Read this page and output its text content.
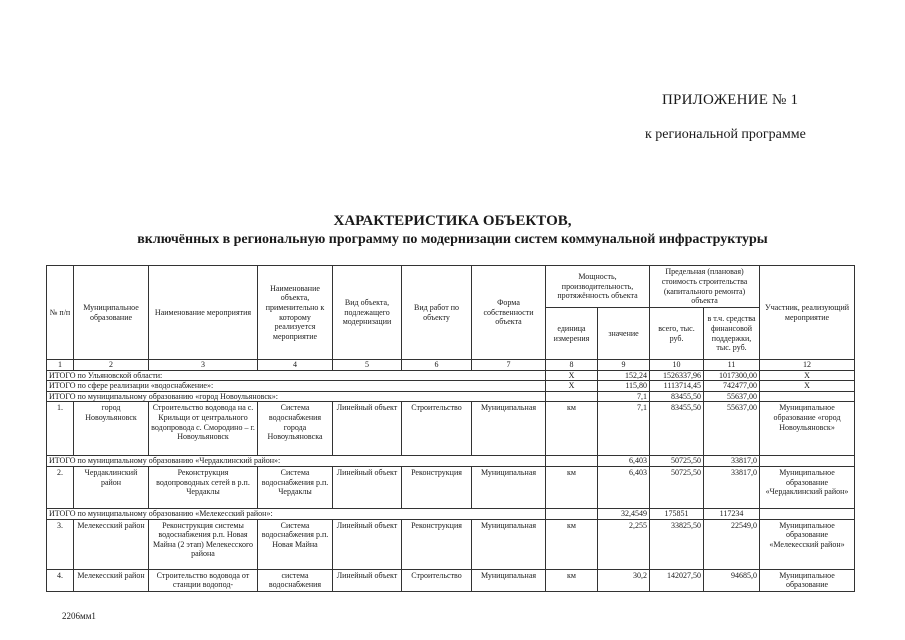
ПРИЛОЖЕНИЕ № 1
к региональной программе
ХАРАКТЕРИСТИКА ОБЪЕКТОВ,
включённых в региональную программу по модернизации систем коммунальной инфраструктуры
№ п/п	Муниципальное образование	Наименование мероприятия	Наименование объекта, применительно к которому реализуется мероприятие	Вид объекта, подлежащего модернизации	Вид работ по объекту	Форма собственности объекта	Мощность, производительность, протяжённость объекта		Предельная (плановая) стоимость строительства (капитального ремонта) объекта		Участник, реализующий мероприятие
							единица измерения	значение	всего, тыс. руб.	в т.ч. средства финансовой поддержки, тыс. руб.	
1	2	3	4	5	6	7	8	9	10	11	12
ИТОГО по Ульяновской области:							Х	152,24	1526337,96	1017300,00	Х
ИТОГО по сфере реализации «водоснабжение»:							Х	115,80	1113714,45	742477,00	Х
ИТОГО по муниципальному образованию «город Новоульяновск»:								7,1	83455,50	55637,00	
1.	город Новоульяновск	Строительство водовода на с. Крильщи от центрального водопровода с. Смородино – г. Новоульяновск	Система водоснабжения города Новоульяновска	Линейный объект	Строительство	Муниципальная	км	7,1	83455,50	55637,00	Муниципальное образование «город Новоульяновск»
ИТОГО по муниципальному образованию «Чердаклинский район»:								6,403	50725,50	33817,0	
2.	Чердаклинский район	Реконструкция водопроводных сетей в р.п. Чердаклы	Система водоснабжения р.п. Чердаклы	Линейный объект	Реконструкция	Муниципальная	км	6,403	50725,50	33817,0	Муниципальное образование «Чердаклинский район»
ИТОГО по муниципальному образованию «Мелекесский район»:								32,4549	175851	117234	
3.	Мелекесский район	Реконструкция системы водоснабжения р.п. Новая Майна (2 этап) Мелекесского района	Система водоснабжения р.п. Новая Майна	Линейный объект	Реконструкция	Муниципальная	км	2,255	33825,50	22549,0	Муниципальное образование «Мелекесский район»
4.	Мелекесский район	Строительство водовода от станции водопод-	система водоснабжения	Линейный объект	Строительство	Муниципальная	км	30,2	142027,50	94685,0	Муниципальное образование
2206мм1
